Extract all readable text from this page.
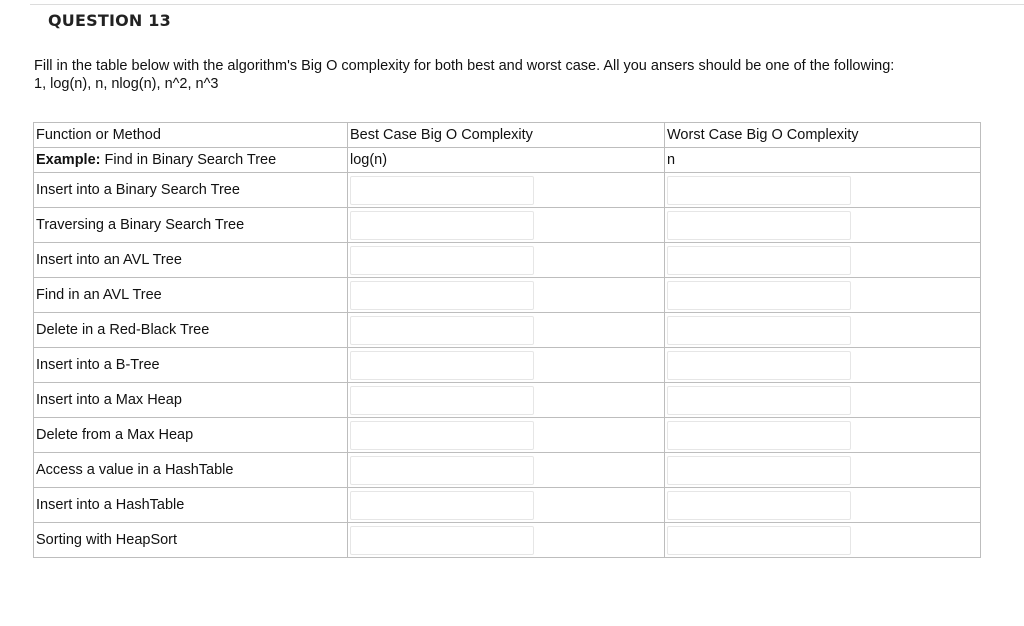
QUESTION 13

Fill in the table below with the algorithm's Big O complexity for both best and worst case. All you ansers should be one of the following:

1, log(n), n, nlog(n), n^2, n^3

Function or Method	Best Case Big O Complexity	Worst Case Big O Complexity
Example: Find in Binary Search Tree	log(n)	n
Insert into a Binary Search Tree	

Traversing a Binary Search Tree	

Insert into an AVL Tree	

Find in an AVL Tree	

Delete in a Red-Black Tree	

Insert into a B-Tree	

Insert into a Max Heap	

Delete from a Max Heap	

Access a value in a HashTable	

Insert into a HashTable	

Sorting with HeapSort	
